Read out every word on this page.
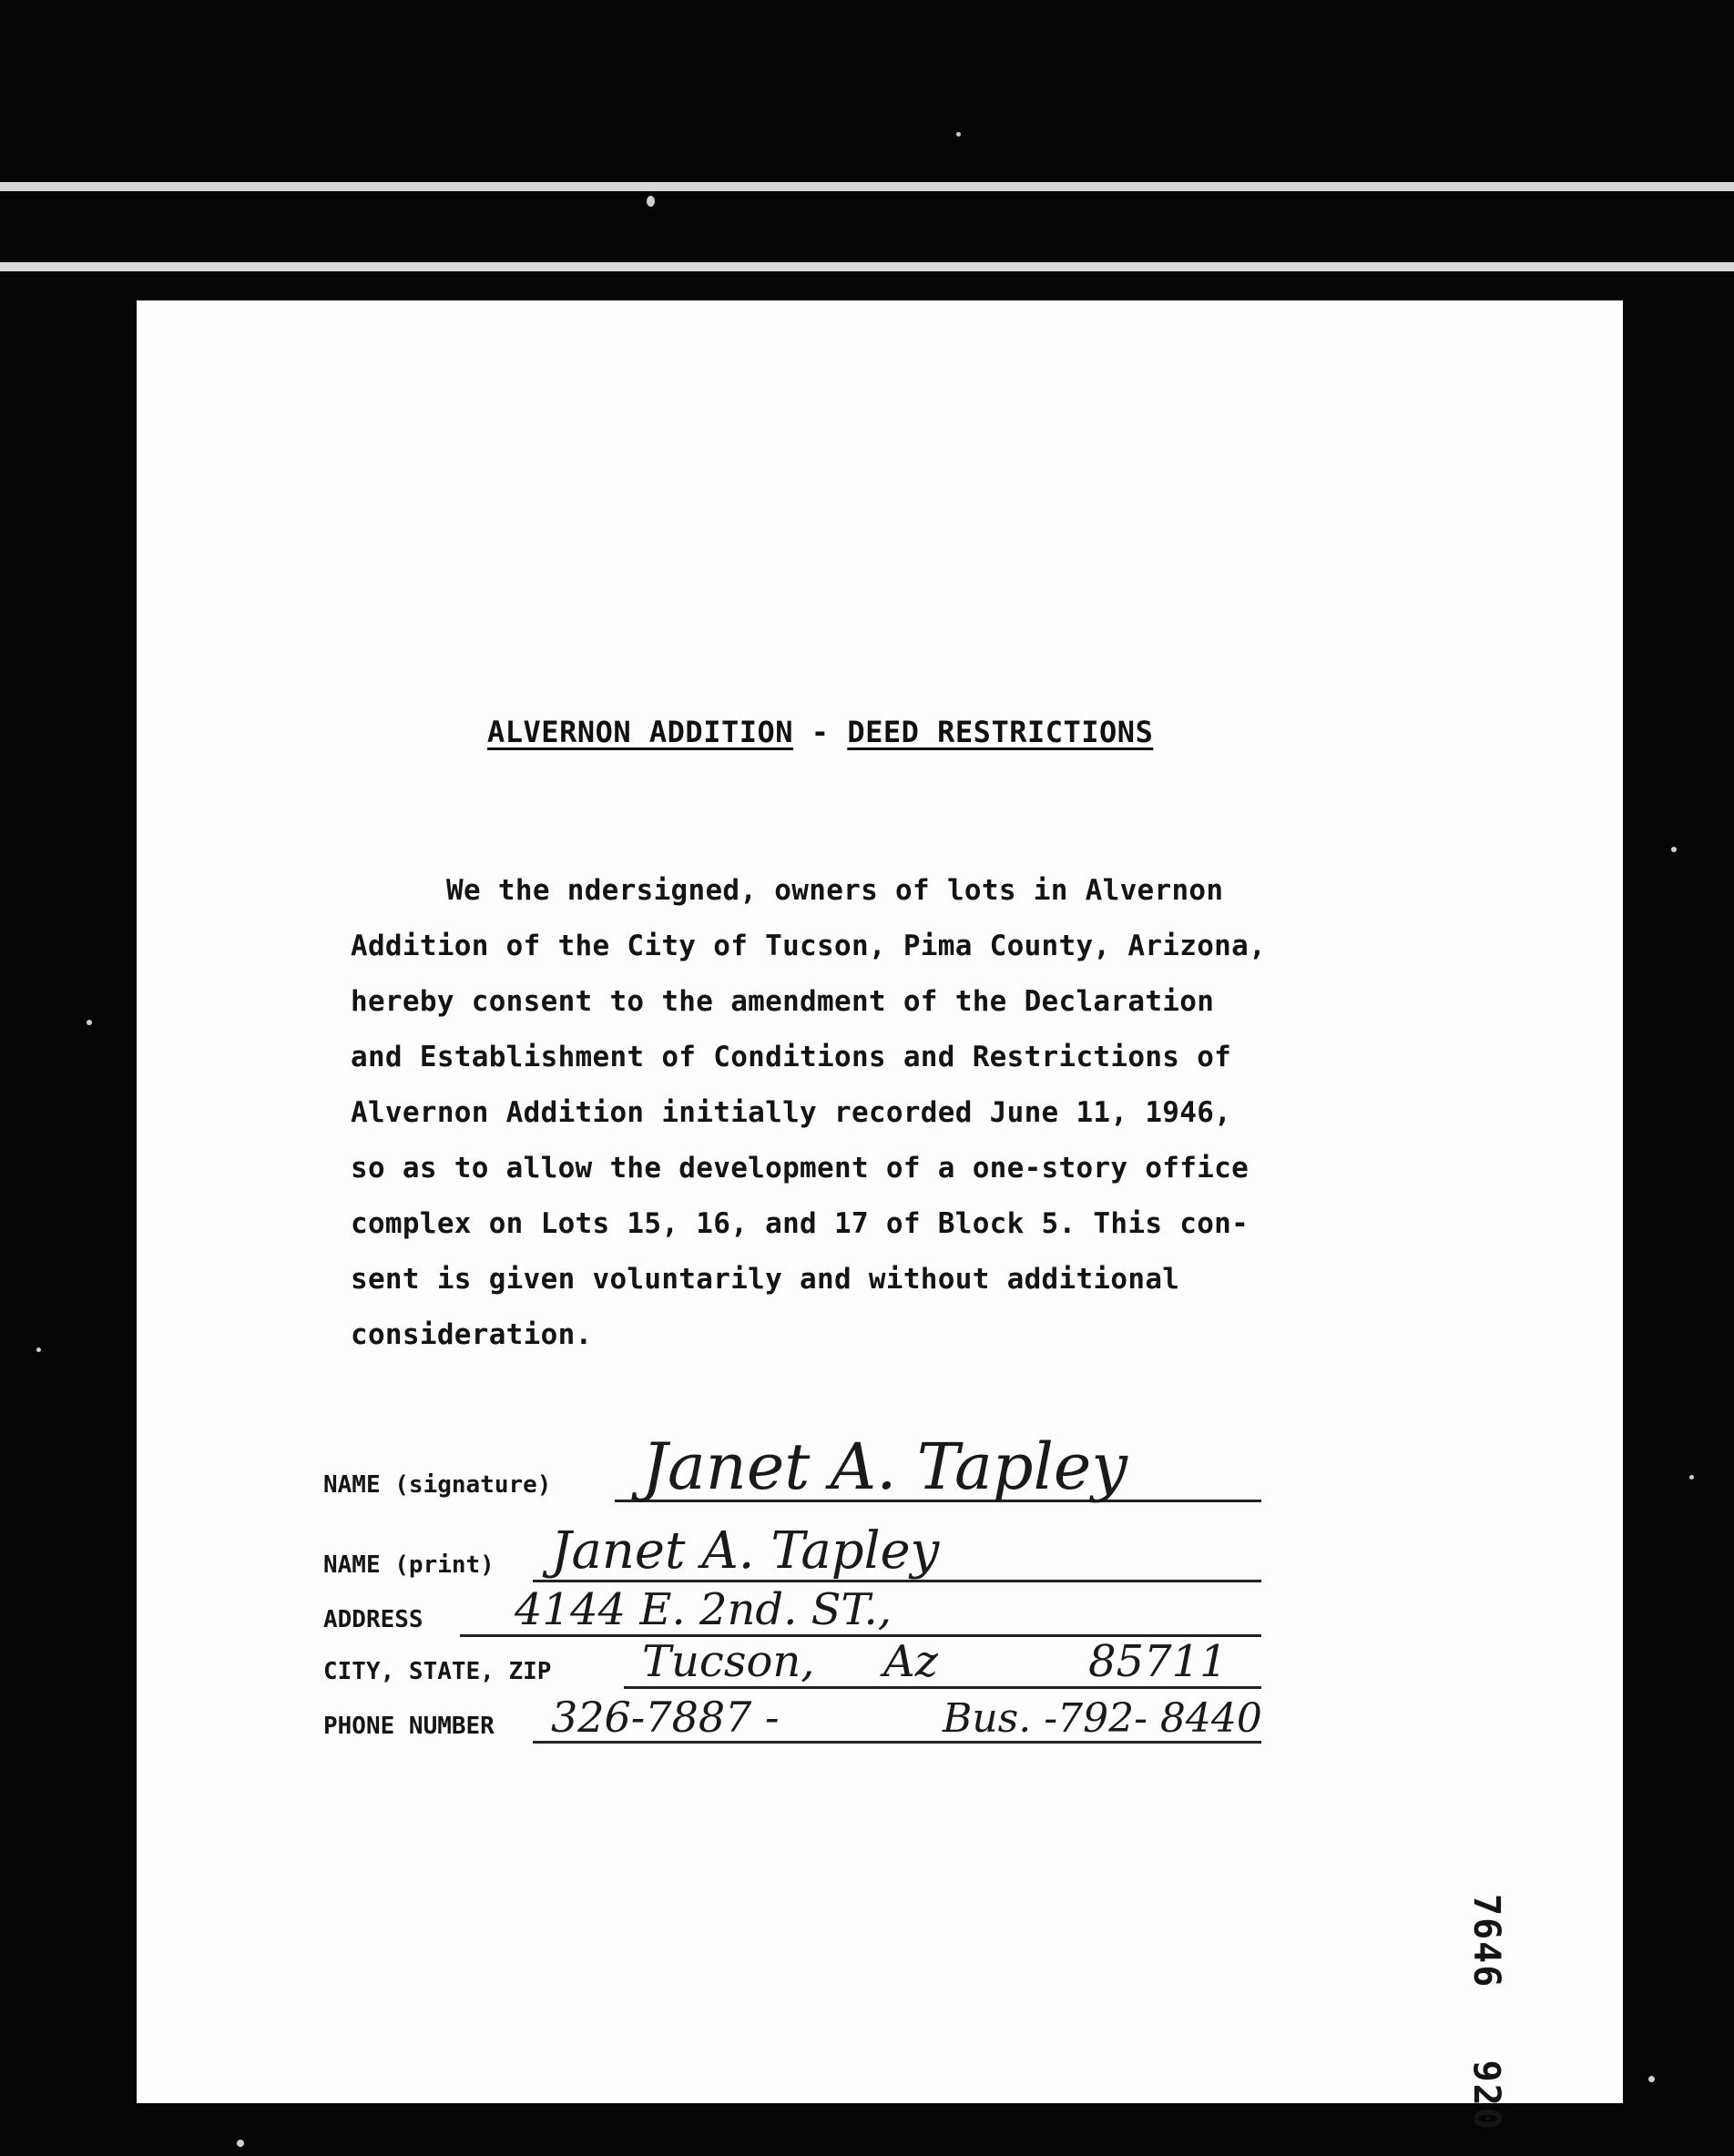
ALVERNON ADDITION - DEED RESTRICTIONS
We the ndersigned, owners of lots in Alvernon
Addition of the City of Tucson, Pima County, Arizona,
hereby consent to the amendment of the Declaration
and Establishment of Conditions and Restrictions of
Alvernon Addition initially recorded June 11, 1946,
so as to allow the development of a one-story office
complex on Lots 15, 16, and 17 of Block 5. This con-
sent is given voluntarily and without additional
consideration.
NAME (signature) Janet A. Tapley
NAME (print) Janet A. Tapley
ADDRESS 4144 E. 2nd. ST.,
CITY, STATE, ZIP Tucson, Az	85711
PHONE NUMBER 326-7887 -	Bus. -792- 8440
7646   920
